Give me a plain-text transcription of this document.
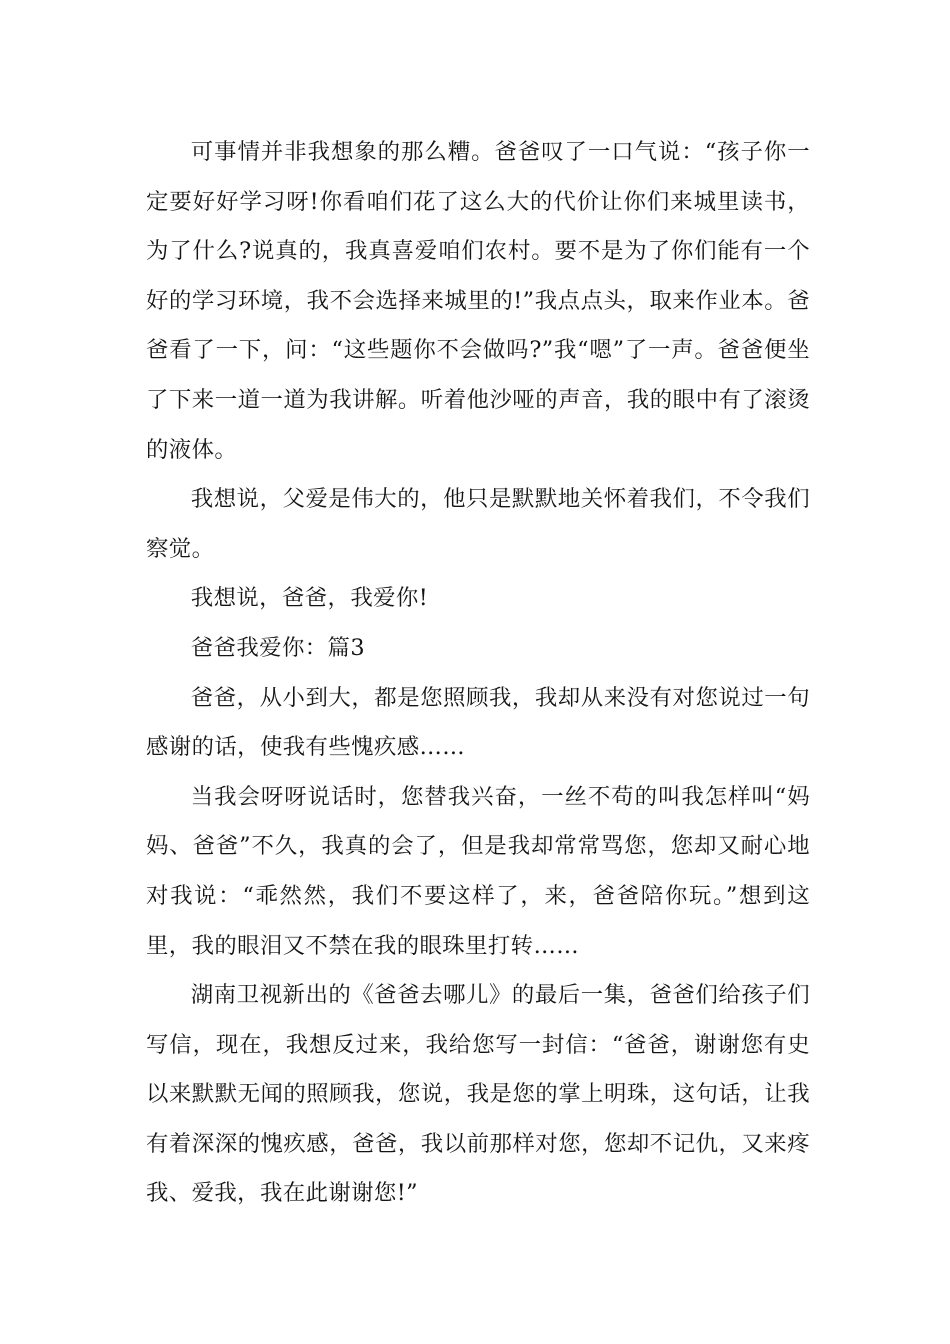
可事情并非我想象的那么糟。爸爸叹了一口气说：“孩子你一定要好好学习呀!你看咱们花了这么大的代价让你们来城里读书，为了什么?说真的，我真喜爱咱们农村。要不是为了你们能有一个好的学习环境，我不会选择来城里的!”我点点头，取来作业本。爸爸看了一下，问：“这些题你不会做吗?”我“嗯”了一声。爸爸便坐了下来一道一道为我讲解。听着他沙哑的声音，我的眼中有了滚烫的液体。

我想说，父爱是伟大的，他只是默默地关怀着我们，不令我们察觉。

我想说，爸爸，我爱你!

爸爸我爱你：篇3

爸爸，从小到大，都是您照顾我，我却从来没有对您说过一句感谢的话，使我有些愧疚感……

当我会呀呀说话时，您替我兴奋，一丝不苟的叫我怎样叫“妈妈、爸爸”不久，我真的会了，但是我却常常骂您，您却又耐心地对我说：“乖然然，我们不要这样了，来，爸爸陪你玩。”想到这里，我的眼泪又不禁在我的眼珠里打转……

湖南卫视新出的《爸爸去哪儿》的最后一集，爸爸们给孩子们写信，现在，我想反过来，我给您写一封信：“爸爸，谢谢您有史以来默默无闻的照顾我，您说，我是您的掌上明珠，这句话，让我有着深深的愧疚感，爸爸，我以前那样对您，您却不记仇，又来疼我、爱我，我在此谢谢您!”
